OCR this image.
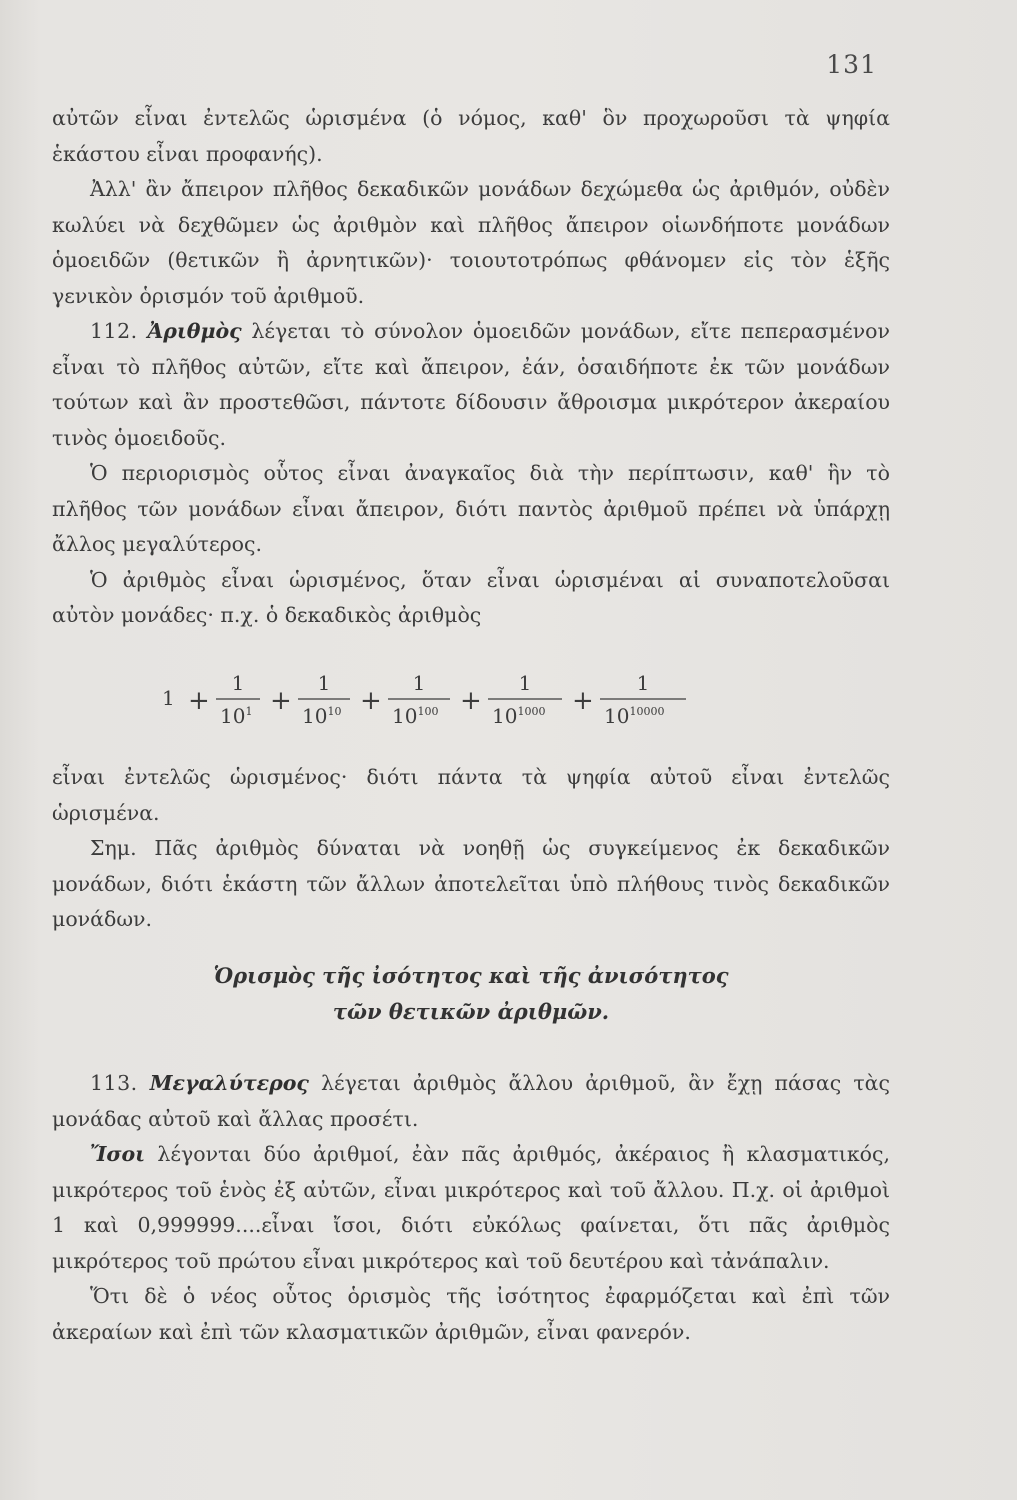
131

αὐτῶν εἶναι ἐντελῶς ὡρισμένα (ὁ νόμος, καθ' ὃν προχωροῦσι τὰ ψηφία ἑκάστου εἶναι προφανής).

Ἀλλ' ἂν ἄπειρον πλῆθος δεκαδικῶν μονάδων δεχώμεθα ὡς ἀριθμόν, οὐδὲν κωλύει νὰ δεχθῶμεν ὡς ἀριθμὸν καὶ πλῆθος ἄπειρον οἱωνδήποτε μονάδων ὁμοειδῶν (θετικῶν ἢ ἀρνητικῶν)· τοιουτοτρόπως φθάνομεν εἰς τὸν ἑξῆς γενικὸν ὁρισμόν τοῦ ἀριθμοῦ.

112. Ἀριθμὸς λέγεται τὸ σύνολον ὁμοειδῶν μονάδων, εἴτε πεπερασμένον εἶναι τὸ πλῆθος αὐτῶν, εἴτε καὶ ἄπειρον, ἐάν, ὁσαιδήποτε ἐκ τῶν μονάδων τούτων καὶ ἂν προστεθῶσι, πάντοτε δίδουσιν ἄθροισμα μικρότερον ἀκεραίου τινὸς ὁμοειδοῦς.

Ὁ περιορισμὸς οὗτος εἶναι ἀναγκαῖος διὰ τὴν περίπτωσιν, καθ' ἣν τὸ πλῆθος τῶν μονάδων εἶναι ἄπειρον, διότι παντὸς ἀριθμοῦ πρέπει νὰ ὑπάρχῃ ἄλλος μεγαλύτερος.

Ὁ ἀριθμὸς εἶναι ὡρισμένος, ὅταν εἶναι ὡρισμέναι αἱ συναποτελοῦσαι αὐτὸν μονάδες· π.χ. ὁ δεκαδικὸς ἀριθμὸς

1 +
1
$10^1$ +
1
$10^{10}$ +
1
$10^{100}$ +
1
$10^{1000}$ +
1
$10^{10000}$

εἶναι ἐντελῶς ὡρισμένος· διότι πάντα τὰ ψηφία αὐτοῦ εἶναι ἐντελῶς ὡρισμένα.

Σημ. Πᾶς ἀριθμὸς δύναται νὰ νοηθῇ ὡς συγκείμενος ἐκ δεκαδικῶν μονάδων, διότι ἑκάστη τῶν ἄλλων ἀποτελεῖται ὑπὸ πλήθους τινὸς δεκαδικῶν μονάδων.

Ὁρισμὸς τῆς ἰσότητος καὶ τῆς ἀνισότητος
τῶν θετικῶν ἀριθμῶν.

113. Μεγαλύτερος λέγεται ἀριθμὸς ἄλλου ἀριθμοῦ, ἂν ἔχῃ πάσας τὰς μονάδας αὐτοῦ καὶ ἄλλας προσέτι.

Ἴσοι λέγονται δύο ἀριθμοί, ἐὰν πᾶς ἀριθμός, ἀκέραιος ἢ κλασματικός, μικρότερος τοῦ ἑνὸς ἐξ αὐτῶν, εἶναι μικρότερος καὶ τοῦ ἄλλου. Π.χ. οἱ ἀριθμοὶ 1 καὶ 0,999999....εἶναι ἴσοι, διότι εὐκόλως φαίνεται, ὅτι πᾶς ἀριθμὸς μικρότερος τοῦ πρώτου εἶναι μικρότερος καὶ τοῦ δευτέρου καὶ τἀνάπαλιν.

Ὅτι δὲ ὁ νέος οὗτος ὁρισμὸς τῆς ἰσότητος ἐφαρμόζεται καὶ ἐπὶ τῶν ἀκεραίων καὶ ἐπὶ τῶν κλασματικῶν ἀριθμῶν, εἶναι φανερόν.
